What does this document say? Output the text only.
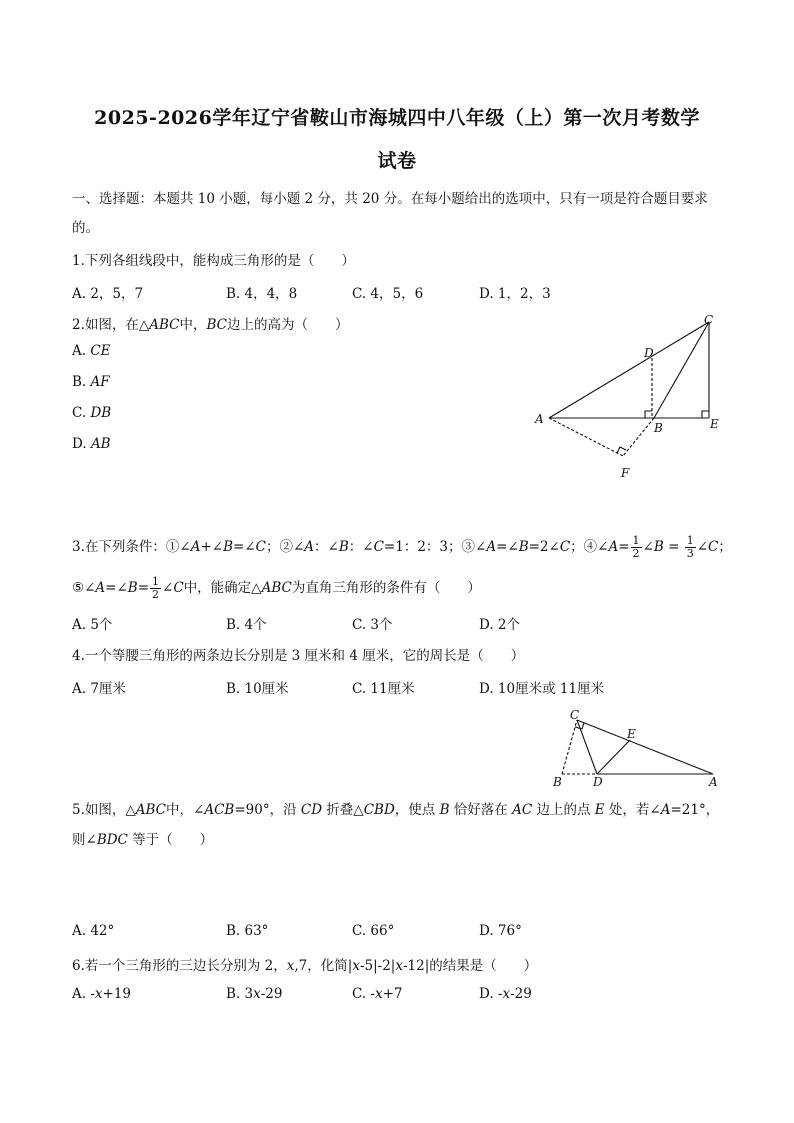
2025-2026学年辽宁省鞍山市海城四中八年级（上）第一次月考数学
试卷
一、选择题：本题共 10 小题，每小题 2 分，共 20 分。在每小题给出的选项中，只有一项是符合题目要求
的。
1.下列各组线段中，能构成三角形的是（　　）
A. 2，5，7	B. 4，4，8	C. 4，5，6	D. 1，2，3
2.如图，在△ABC中，BC边上的高为（　　）
A. CE
B. AF
C. DB
D. AB
C
D
A
B	E
F
3.在下列条件：①∠A+∠B=∠C；②∠A：∠B：∠C=1：2：3；③∠A=∠B=2∠C；④∠A= $\frac{1}{2}$ ∠B = $\frac{1}{3}$ ∠C；
⑤∠A=∠B= $\frac{1}{2}$ ∠C中，能确定△ABC为直角三角形的条件有（　　）
A. 5个	B. 4个	C. 3个	D. 2个
4.一个等腰三角形的两条边长分别是 3 厘米和 4 厘米，它的周长是（　　）
A. 7厘米	B. 10厘米	C. 11厘米	D. 10厘米或 11厘米
C
E
B	D	A
5.如图，△ABC中，∠ACB=90°，沿 CD 折叠△CBD，使点 B 恰好落在 AC 边上的点 E 处，若∠A=21°，
则∠BDC 等于（　　）
A. 42°	B. 63°	C. 66°	D. 76°
6.若一个三角形的三边长分别为 2，x,7，化简|x-5|-2|x-12|的结果是（　　）
A. -x+19	B. 3x-29	C. -x+7	D. -x-29
